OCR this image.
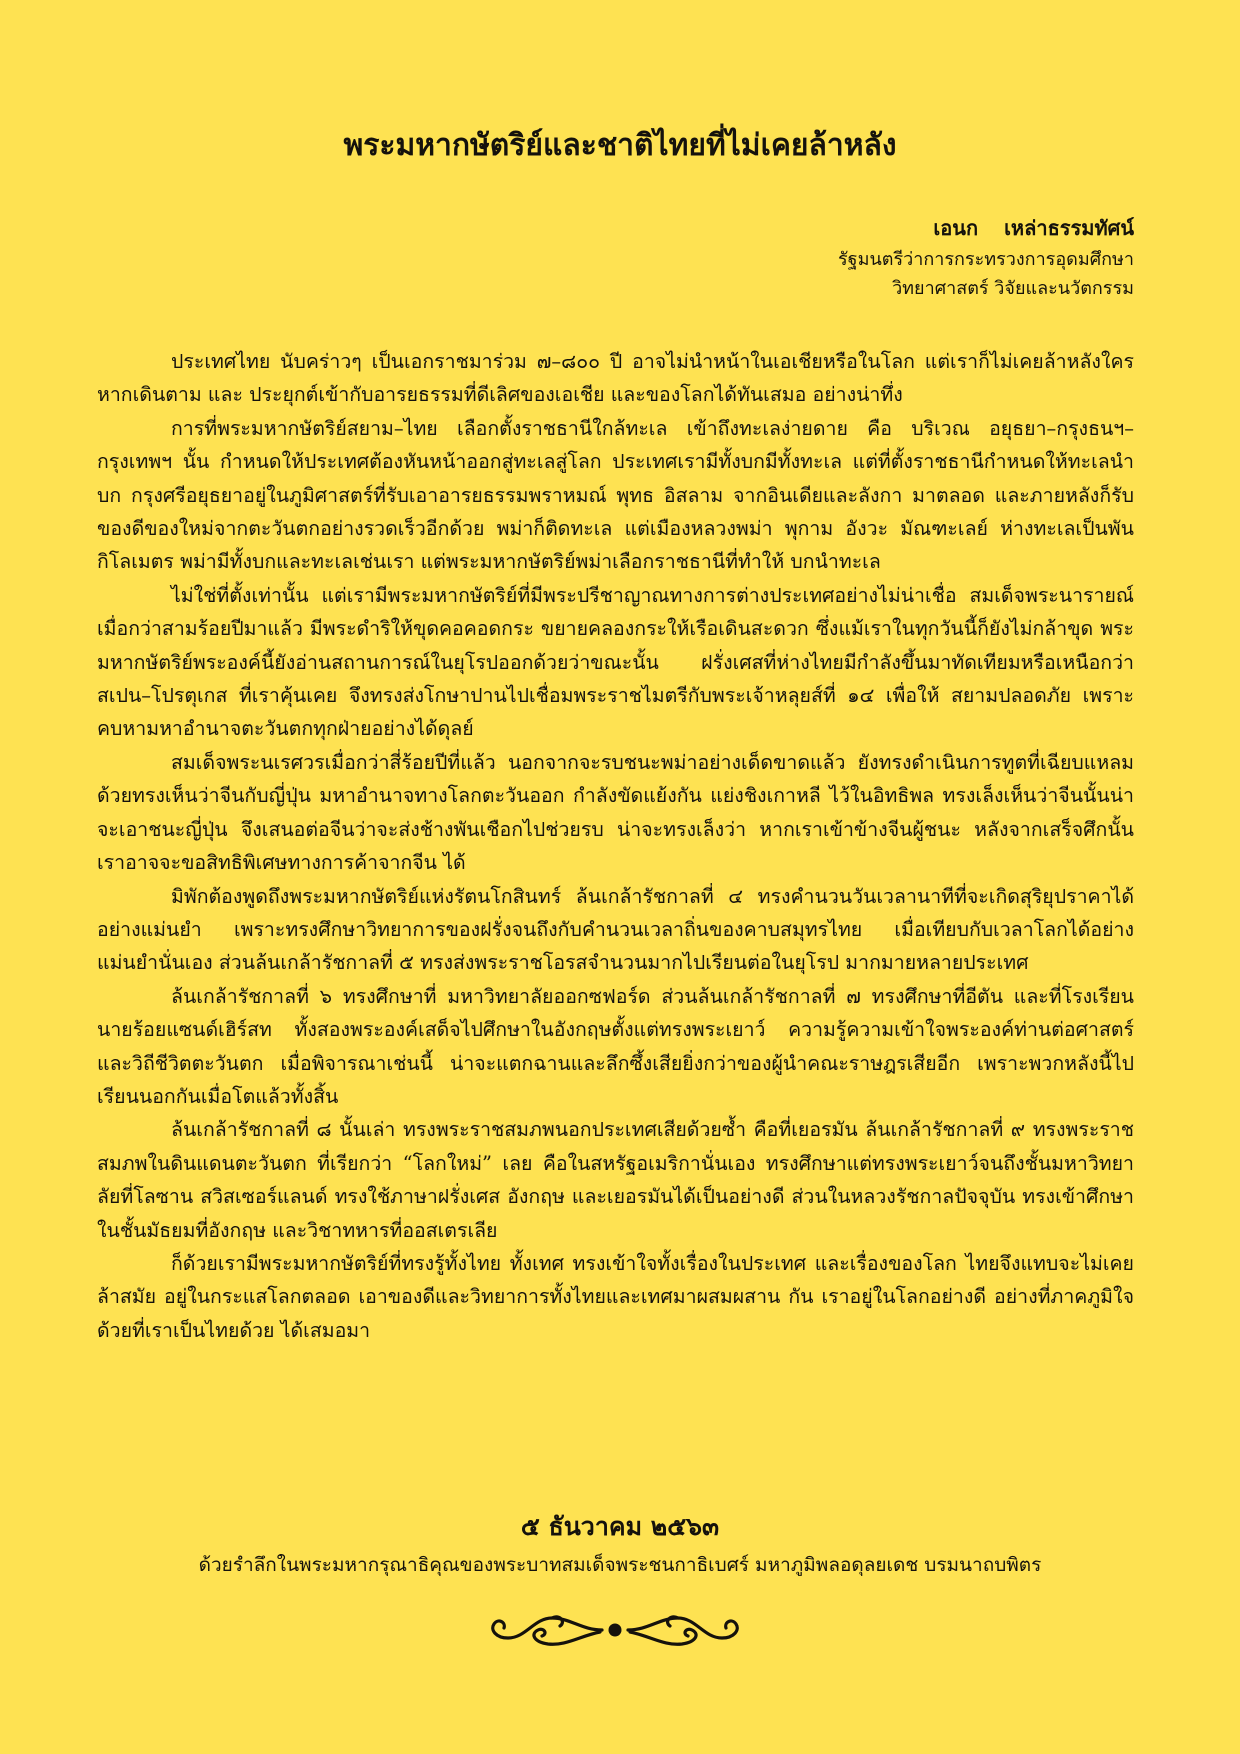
พระมหากษัตริย์และชาติไทยที่ไม่เคยล้าหลัง
เอนก เหล่าธรรมทัศน์
รัฐมนตรีว่าการกระทรวงการอุดมศึกษา
วิทยาศาสตร์ วิจัยและนวัตกรรม

ประเทศไทย นับคร่าวๆ เป็นเอกราชมาร่วม ๗–๘๐๐ ปี อาจไม่นำหน้าในเอเชียหรือในโลก แต่เราก็ไม่เคยล้าหลังใคร หากเดินตาม และ ประยุกต์เข้ากับอารยธรรมที่ดีเลิศของเอเชีย และของโลกได้ทันเสมอ อย่างน่าทึ่ง

การที่พระมหากษัตริย์สยาม–ไทย เลือกตั้งราชธานีใกล้ทะเล เข้าถึงทะเลง่ายดาย คือ บริเวณ อยุธยา–กรุงธนฯ–กรุงเทพฯ นั้น กำหนดให้ประเทศต้องหันหน้าออกสู่ทะเลสู่โลก ประเทศเรามีทั้งบกมีทั้งทะเล แต่ที่ตั้งราชธานีกำหนดให้ทะเลนำบก กรุงศรีอยุธยาอยู่ในภูมิศาสตร์ที่รับเอาอารยธรรมพราหมณ์ พุทธ อิสลาม จากอินเดียและลังกา มาตลอด และภายหลังก็รับของดีของใหม่จากตะวันตกอย่างรวดเร็วอีกด้วย พม่าก็ติดทะเล แต่เมืองหลวงพม่า พุกาม อังวะ มัณฑะเลย์ ห่างทะเลเป็นพันกิโลเมตร พม่ามีทั้งบกและทะเลเช่นเรา แต่พระมหากษัตริย์พม่าเลือกราชธานีที่ทำให้ บกนำทะเล

ไม่ใช่ที่ตั้งเท่านั้น แต่เรามีพระมหากษัตริย์ที่มีพระปรีชาญาณทางการต่างประเทศอย่างไม่น่าเชื่อ สมเด็จพระนารายณ์ เมื่อกว่าสามร้อยปีมาแล้ว มีพระดำริให้ขุดคอคอดกระ ขยายคลองกระให้เรือเดินสะดวก ซึ่งแม้เราในทุกวันนี้ก็ยังไม่กล้าขุด พระมหากษัตริย์พระองค์นี้ยังอ่านสถานการณ์ในยุโรปออกด้วยว่าขณะนั้น ฝรั่งเศสที่ห่างไทยมีกำลังขึ้นมาทัดเทียมหรือเหนือกว่าสเปน–โปรตุเกส ที่เราคุ้นเคย จึงทรงส่งโกษาปานไปเชื่อมพระราชไมตรีกับพระเจ้าหลุยส์ที่ ๑๔ เพื่อให้ สยามปลอดภัย เพราะ คบหามหาอำนาจตะวันตกทุกฝ่ายอย่างได้ดุลย์

สมเด็จพระนเรศวรเมื่อกว่าสี่ร้อยปีที่แล้ว นอกจากจะรบชนะพม่าอย่างเด็ดขาดแล้ว ยังทรงดำเนินการทูตที่เฉียบแหลม ด้วยทรงเห็นว่าจีนกับญี่ปุ่น มหาอำนาจทางโลกตะวันออก กำลังขัดแย้งกัน แย่งชิงเกาหลี ไว้ในอิทธิพล ทรงเล็งเห็นว่าจีนนั้นน่าจะเอาชนะญี่ปุ่น จึงเสนอต่อจีนว่าจะส่งช้างพันเชือกไปช่วยรบ น่าจะทรงเล็งว่า หากเราเข้าข้างจีนผู้ชนะ หลังจากเสร็จศึกนั้น เราอาจจะขอสิทธิพิเศษทางการค้าจากจีน ได้

มิพักต้องพูดถึงพระมหากษัตริย์แห่งรัตนโกสินทร์ ล้นเกล้ารัชกาลที่ ๔ ทรงคำนวนวันเวลานาทีที่จะเกิดสุริยุปราคาได้อย่างแม่นยำ เพราะทรงศึกษาวิทยาการของฝรั่งจนถึงกับคำนวนเวลาถิ่นของคาบสมุทรไทย เมื่อเทียบกับเวลาโลกได้อย่างแม่นยำนั่นเอง ส่วนล้นเกล้ารัชกาลที่ ๕ ทรงส่งพระราชโอรสจำนวนมากไปเรียนต่อในยุโรป มากมายหลายประเทศ

ล้นเกล้ารัชกาลที่ ๖ ทรงศึกษาที่ มหาวิทยาลัยออกซฟอร์ด ส่วนล้นเกล้ารัชกาลที่ ๗ ทรงศึกษาที่อีตัน และที่โรงเรียนนายร้อยแซนด์เฮิร์สท ทั้งสองพระองค์เสด็จไปศึกษาในอังกฤษตั้งแต่ทรงพระเยาว์ ความรู้ความเข้าใจพระองค์ท่านต่อศาสตร์และวิถีชีวิตตะวันตก เมื่อพิจารณาเช่นนี้ น่าจะแตกฉานและลึกซึ้งเสียยิ่งกว่าของผู้นำคณะราษฎรเสียอีก เพราะพวกหลังนี้ไปเรียนนอกกันเมื่อโตแล้วทั้งสิ้น

ล้นเกล้ารัชกาลที่ ๘ นั้นเล่า ทรงพระราชสมภพนอกประเทศเสียด้วยซ้ำ คือที่เยอรมัน ล้นเกล้ารัชกาลที่ ๙ ทรงพระราชสมภพในดินแดนตะวันตก ที่เรียกว่า “โลกใหม่” เลย คือในสหรัฐอเมริกานั่นเอง ทรงศึกษาแต่ทรงพระเยาว์จนถึงชั้นมหาวิทยาลัยที่โลซาน สวิสเซอร์แลนด์ ทรงใช้ภาษาฝรั่งเศส อังกฤษ และเยอรมันได้เป็นอย่างดี ส่วนในหลวงรัชกาลปัจจุบัน ทรงเข้าศึกษาในชั้นมัธยมที่อังกฤษ และวิชาทหารที่ออสเตรเลีย

ก็ด้วยเรามีพระมหากษัตริย์ที่ทรงรู้ทั้งไทย ทั้งเทศ ทรงเข้าใจทั้งเรื่องในประเทศ และเรื่องของโลก ไทยจึงแทบจะไม่เคยล้าสมัย อยู่ในกระแสโลกตลอด เอาของดีและวิทยาการทั้งไทยและเทศมาผสมผสาน กัน เราอยู่ในโลกอย่างดี อย่างที่ภาคภูมิใจด้วยที่เราเป็นไทยด้วย ได้เสมอมา

๕ ธันวาคม ๒๕๖๓
ด้วยรำลึกในพระมหากรุณาธิคุณของพระบาทสมเด็จพระชนกาธิเบศร์ มหาภูมิพลอดุลยเดช บรมนาถบพิตร
